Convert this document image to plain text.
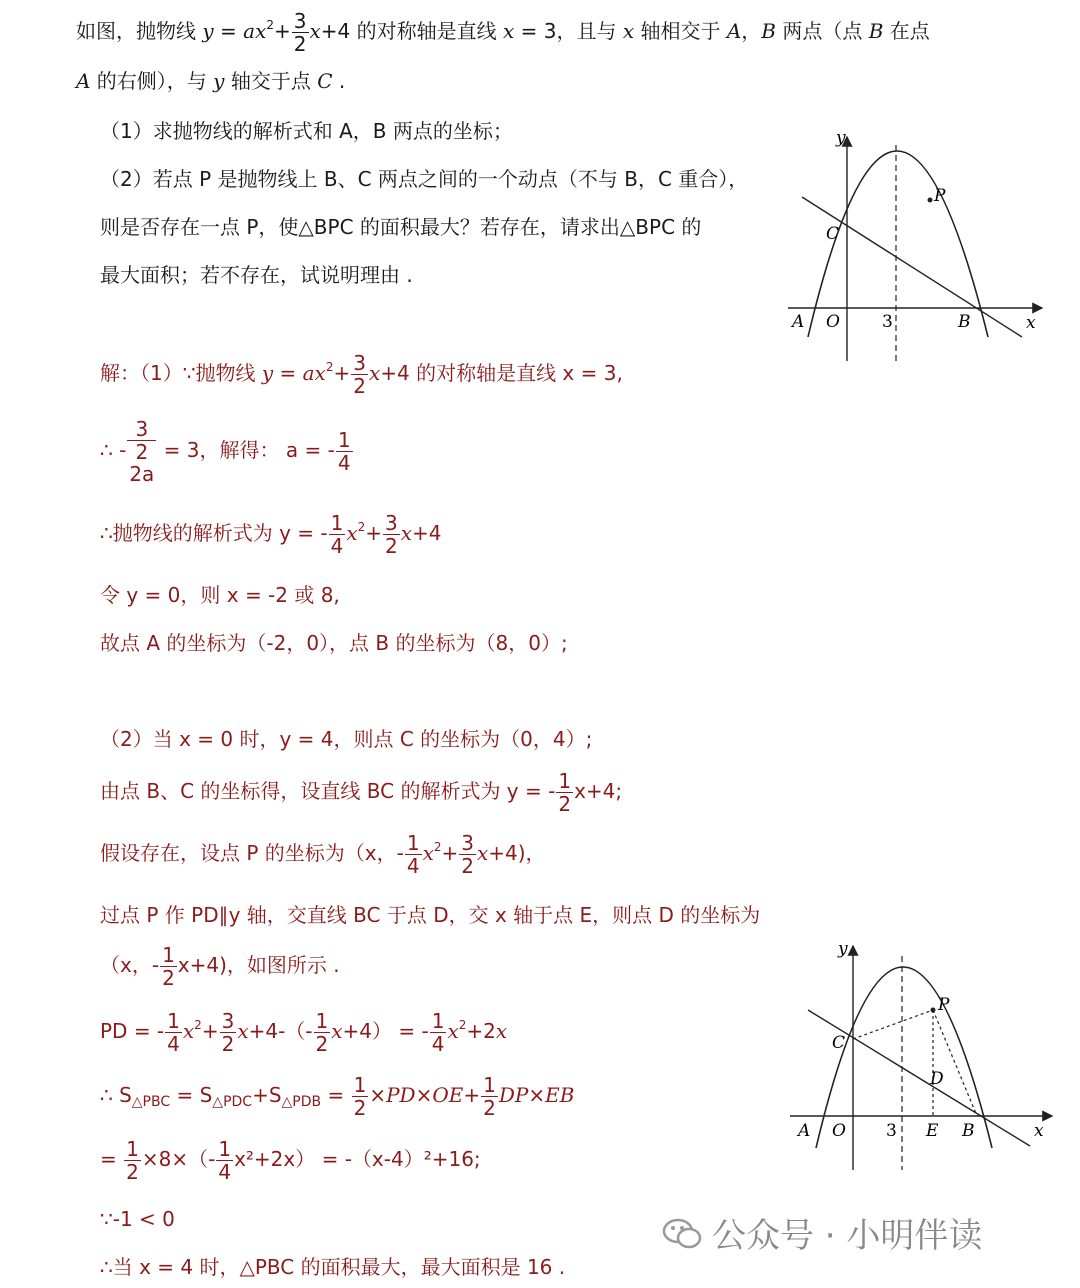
如图，抛物线 $y = ax^2+ \frac{3}{2} x+4$ 的对称轴是直线 x = 3，且与 x 轴相交于 A，B 两点（点 B 在点
A 的右侧），与 y 轴交于点 C .
（1）求抛物线的解析式和 A，B 两点的坐标；
（2）若点 P 是抛物线上 B、C 两点之间的一个动点（不与 B，C 重合），
则是否存在一点 P，使△BPC 的面积最大？若存在，请求出△BPC 的
最大面积；若不存在，试说明理由 .
y
x
A O 3	B
C
P
解：（1）∵抛物线 $y = ax^2+ \frac{3}{2} x+4$ 的对称轴是直线 x = 3,
∴ -
3
2
2a
= 3，解得： a = - $\frac{1}{4}$
∴抛物线的解析式为 y = - $\frac{1}{4} x^2+ \frac{3}{2} x+4$
令 y = 0，则 x = -2 或 8,
故点 A 的坐标为（-2，0），点 B 的坐标为（8，0）;
（2）当 x = 0 时，y = 4，则点 C 的坐标为（0，4）;
由点 B、C 的坐标得，设直线 BC 的解析式为 y = - $\frac{1}{2} x+4$;
假设存在，设点 P 的坐标为（x，- $\frac{1}{4} x^2+ \frac{3}{2} x+4$)，
过点 P 作 PD∥y 轴，交直线 BC 于点 D，交 x 轴于点 E，则点 D 的坐标为
（x，- $\frac{1}{2} x+4$)，如图所示 .
PD = - $\frac{1}{4} x^2+ \frac{3}{2} x+4-(- \frac{1}{2} x+4)$ = - $\frac{1}{4} x^2+2x$
∴ $S_{\triangle PBC} = S_{\triangle PDC}+S_{\triangle PDB} = \frac{1}{2} \times PD\times OE+ \frac{1}{2} DP\times EB$
= $\frac{1}{2} \times 8\times(- \frac{1}{4} x^2+2x) = -(x-4)^2+16$;
∵-1 < 0
∴当 x = 4 时，△PBC 的面积最大，最大面积是 16 .
y
x
A O 3 E B
C
P
D
公众号 · 小明伴读
